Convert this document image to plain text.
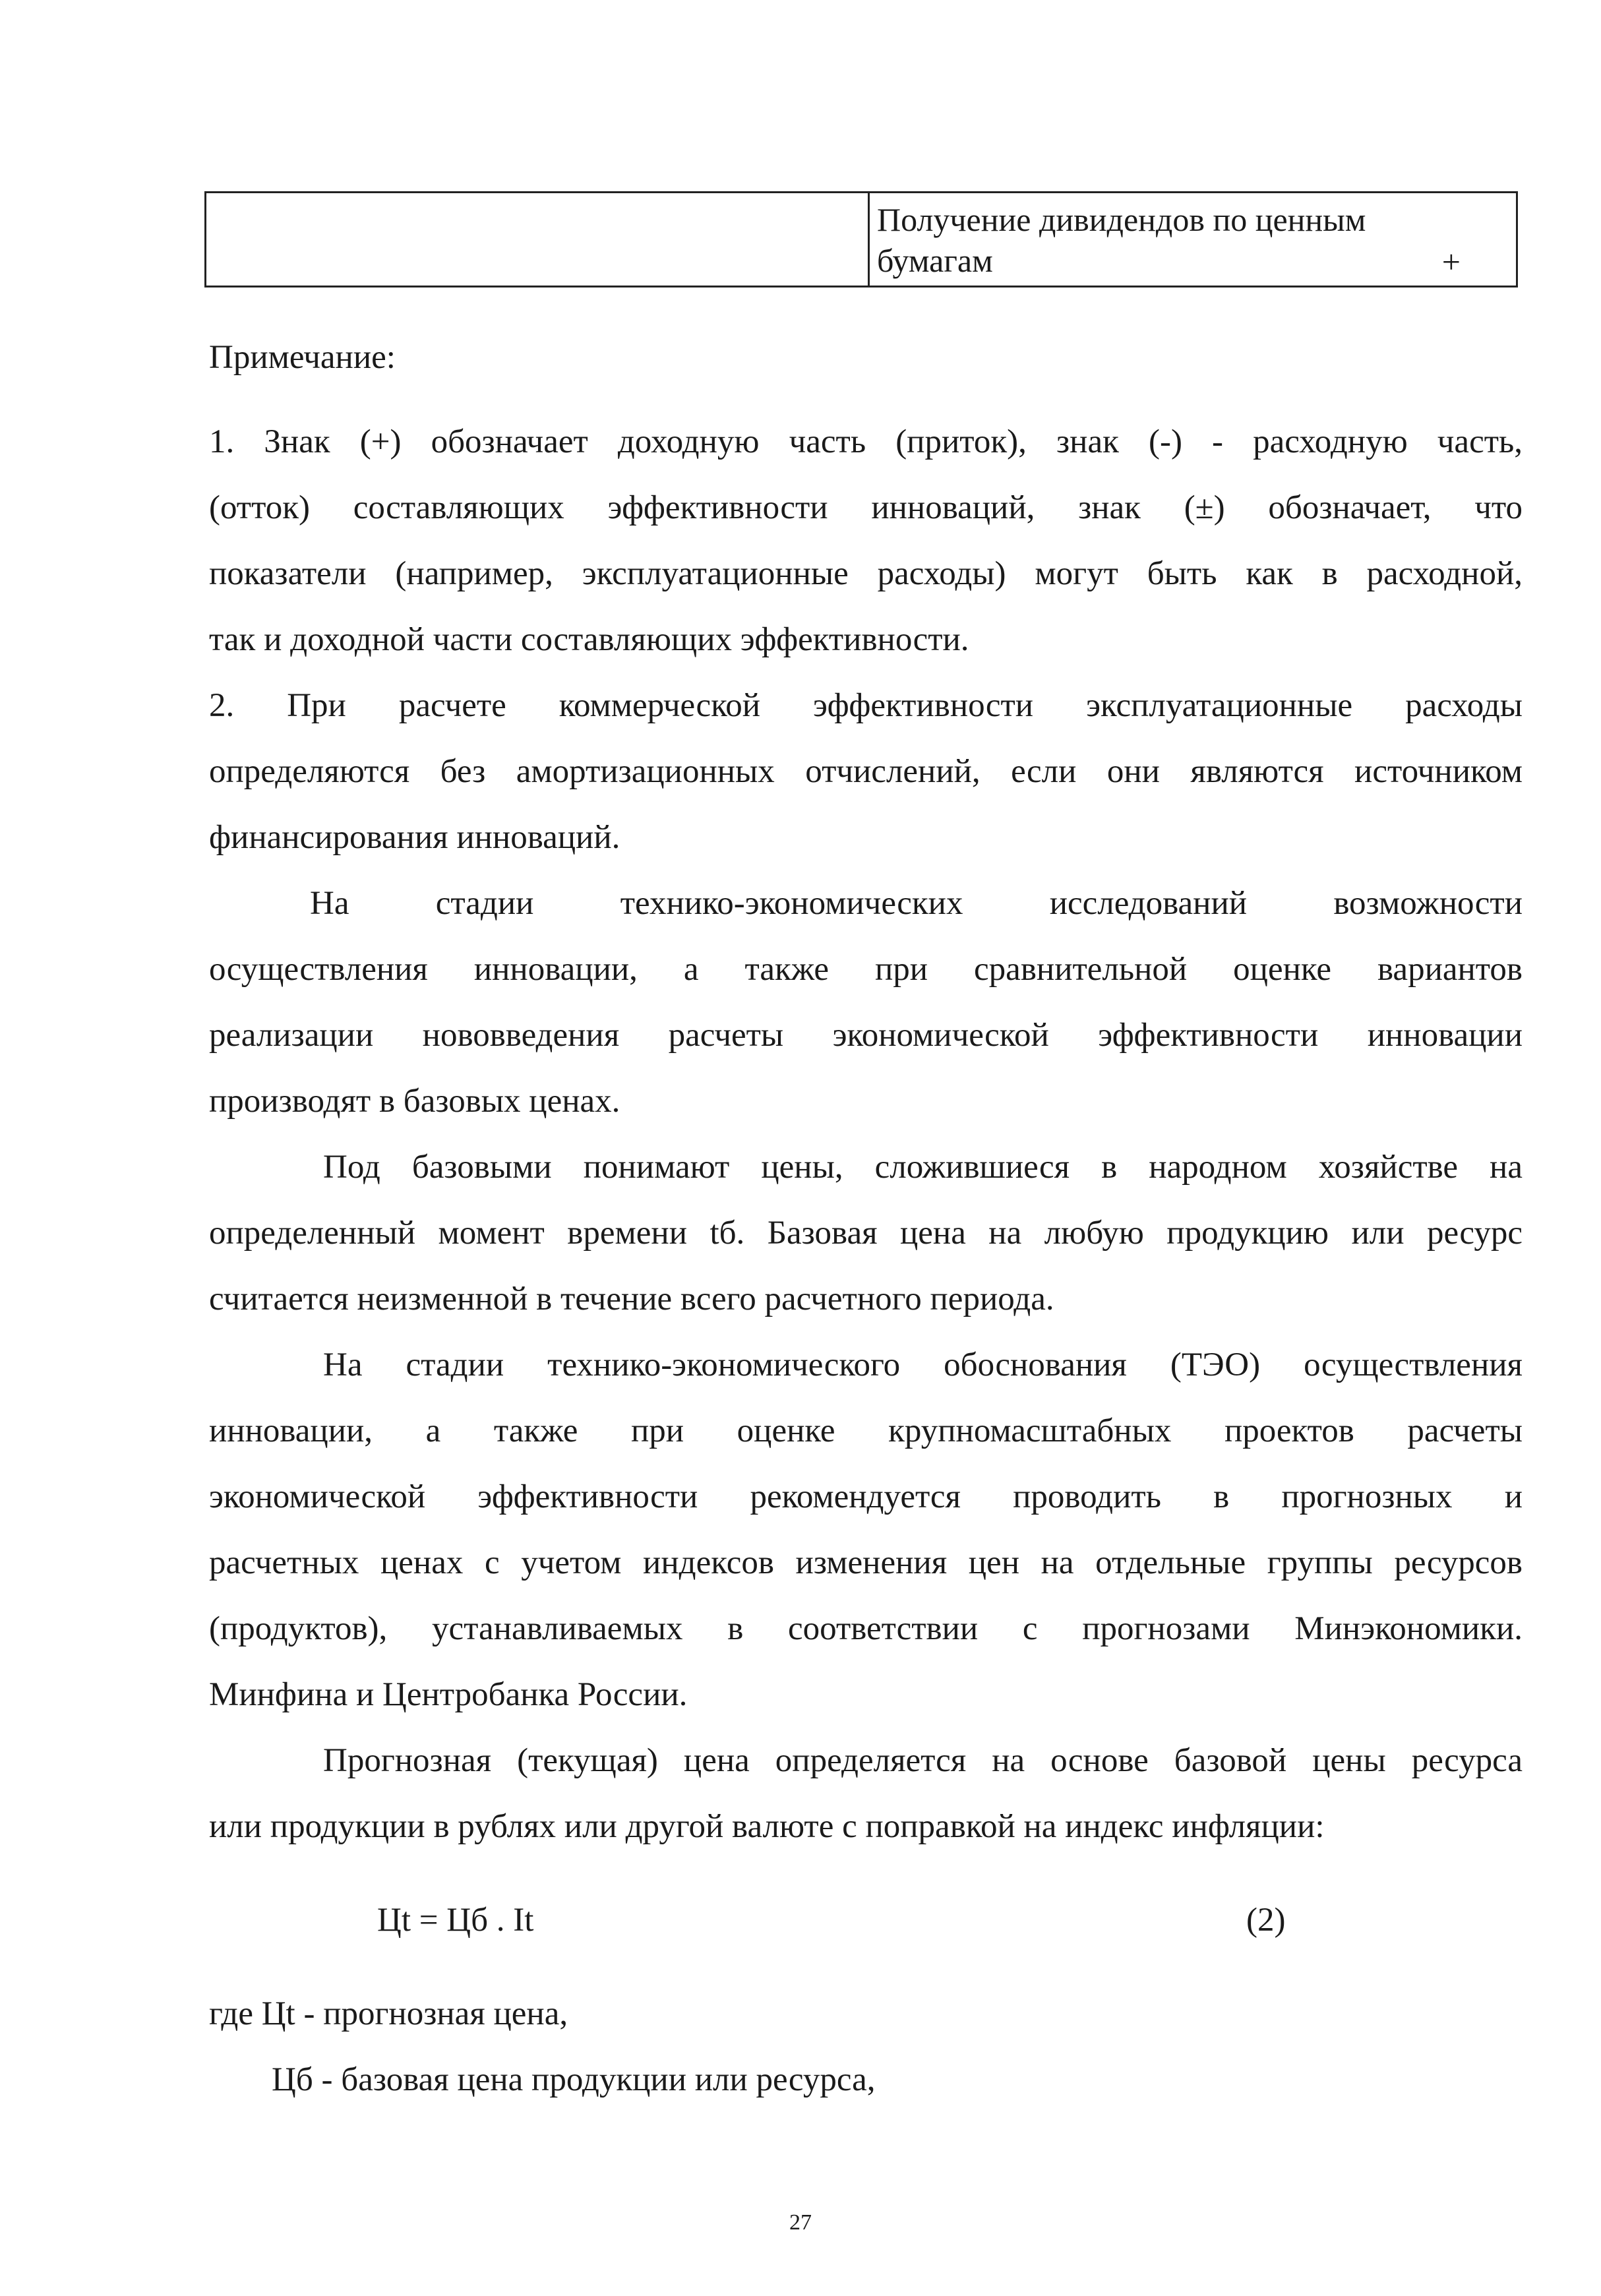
Получение дивидендов по ценным
бумагам	+
Примечание:
1. Знак (+) обозначает доходную часть (приток), знак (-) - расходную часть,
(отток) составляющих эффективности инноваций, знак (±) обозначает, что
показатели (например, эксплуатационные расходы) могут быть как в расходной,
так и доходной части составляющих эффективности.
2. При расчете коммерческой эффективности эксплуатационные расходы
определяются без амортизационных отчислений, если они являются источником
финансирования инноваций.
На стадии технико-экономических исследований возможности
осуществления инновации, а также при сравнительной оценке вариантов
реализации нововведения расчеты экономической эффективности инновации
производят в базовых ценах.
Под базовыми понимают цены, сложившиеся в народном хозяйстве на
определенный момент времени tб. Базовая цена на любую продукцию или ресурс
считается неизменной в течение всего расчетного периода.
На стадии технико-экономического обоснования (ТЭО) осуществления
инновации, а также при оценке крупномасштабных проектов расчеты
экономической эффективности рекомендуется проводить в прогнозных и
расчетных ценах с учетом индексов изменения цен на отдельные группы ресурсов
(продуктов), устанавливаемых в соответствии с прогнозами Минэкономики.
Минфина и Центробанка России.
Прогнозная (текущая) цена определяется на основе базовой цены ресурса
или продукции в рублях или другой валюте с поправкой на индекс инфляции:
Цt = Цб . It	(2)
где Цt - прогнозная цена,
Цб - базовая цена продукции или ресурса,
27
